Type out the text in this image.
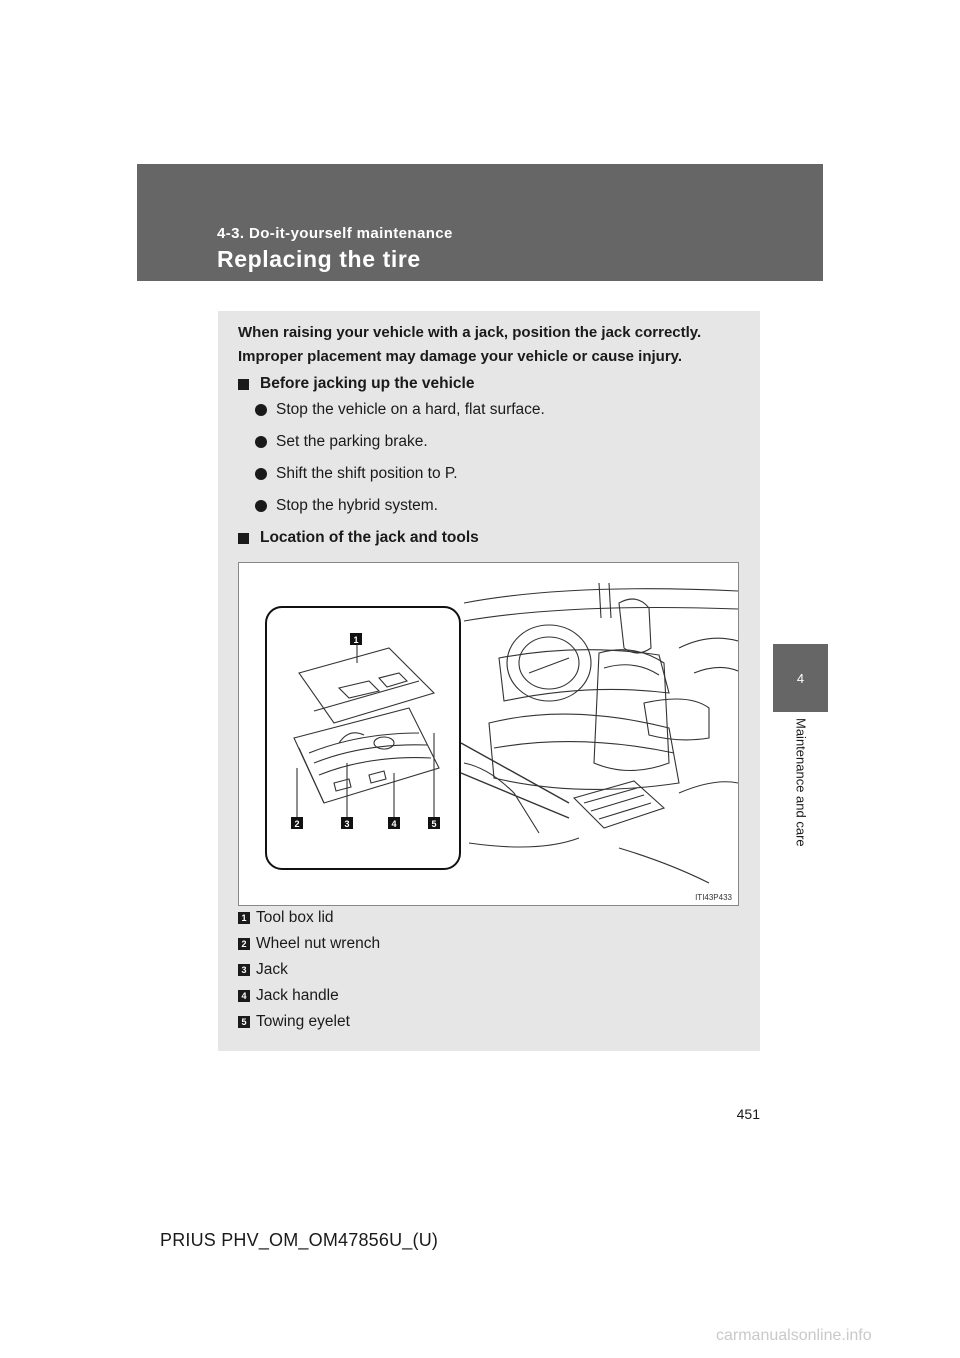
4-3. Do-it-yourself maintenance
Replacing the tire
4
Maintenance and care
When raising your vehicle with a jack, position the jack correctly. Improper placement may damage your vehicle or cause injury.
Before jacking up the vehicle
Stop the vehicle on a hard, flat surface.
Set the parking brake.
Shift the shift position to P.
Stop the hybrid system.
Location of the jack and tools
1
2	3	4	5
ITI43P433
1 Tool box lid
2 Wheel nut wrench
3 Jack
4 Jack handle
5 Towing eyelet
451
PRIUS PHV_OM_OM47856U_(U)
carmanualsonline.info
